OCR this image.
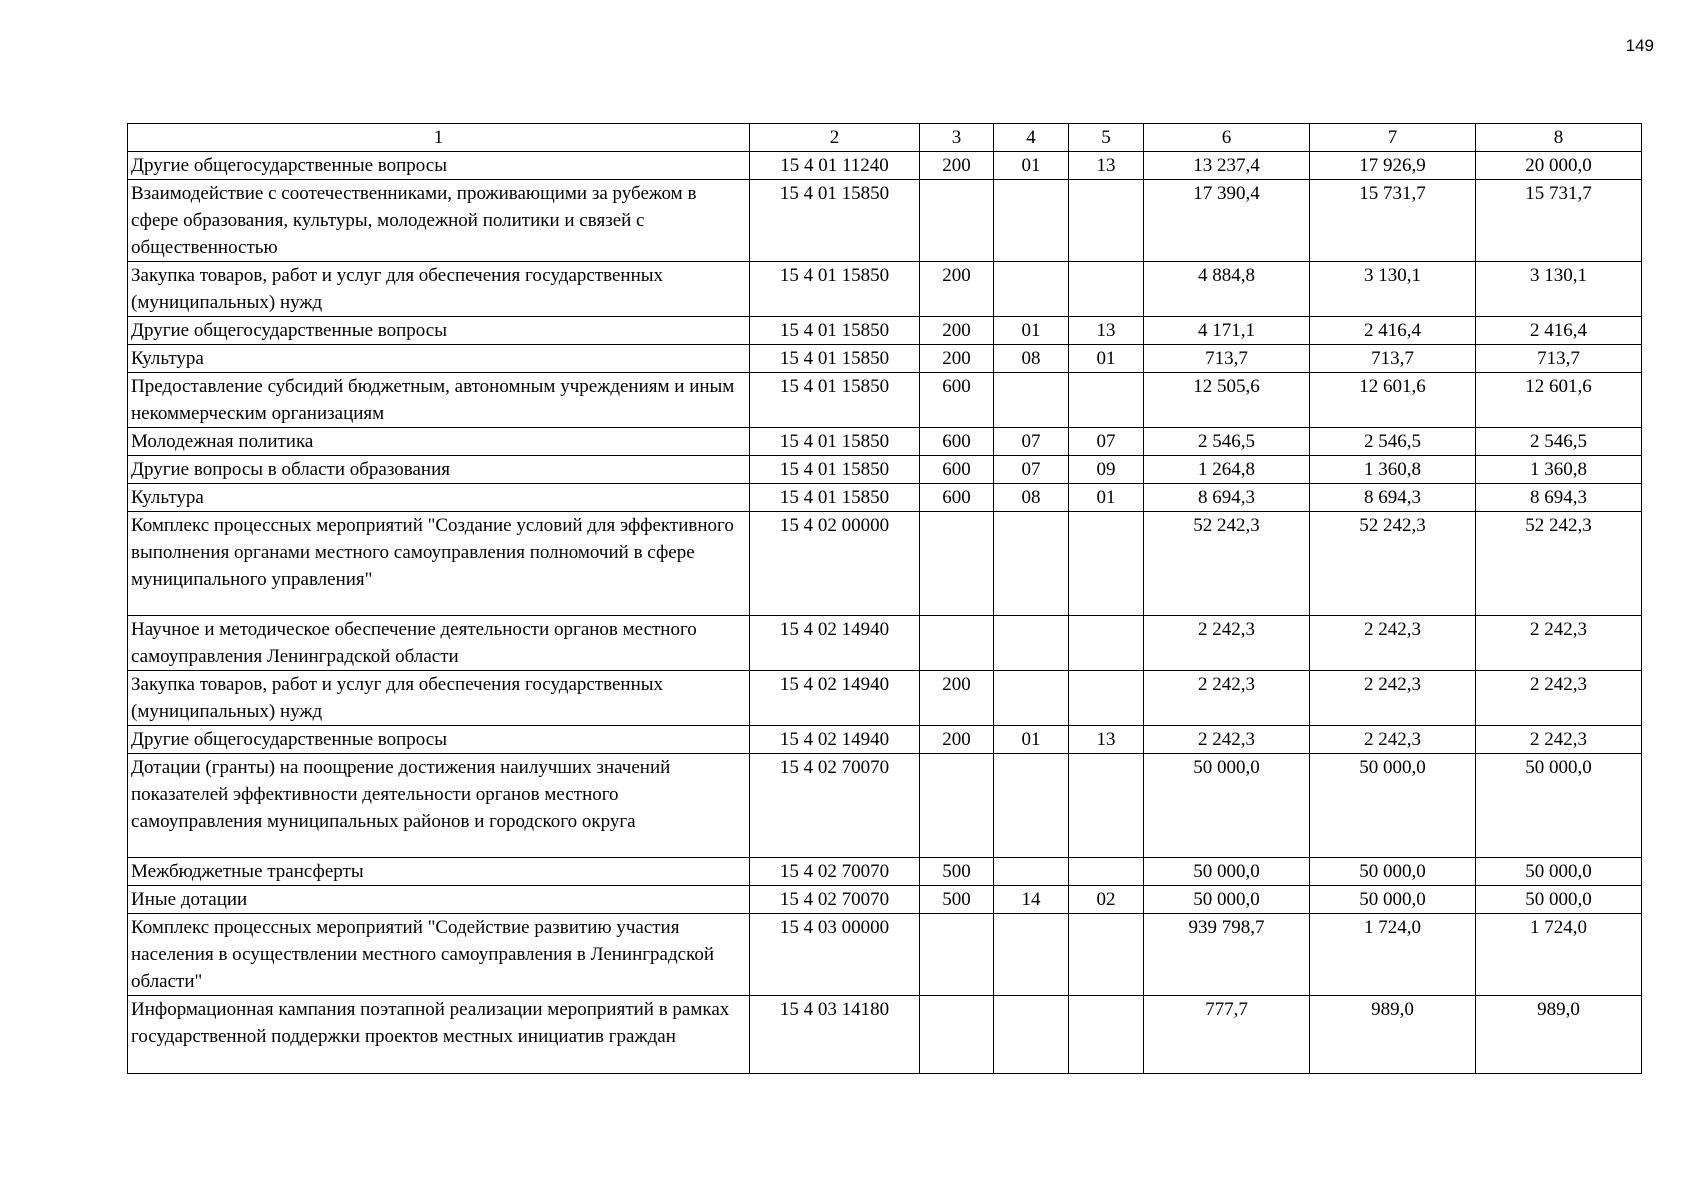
149
1	2	3	4	5	6	7	8
Другие общегосударственные вопросы	15 4 01 11240	200	01	13	13 237,4	17 926,9	20 000,0
Взаимодействие с соотечественниками, проживающими за рубежом в сфере образования, культуры, молодежной политики и связей с общественностью	15 4 01 15850				17 390,4	15 731,7	15 731,7
Закупка товаров, работ и услуг для обеспечения государственных (муниципальных) нужд	15 4 01 15850	200			4 884,8	3 130,1	3 130,1
Другие общегосударственные вопросы	15 4 01 15850	200	01	13	4 171,1	2 416,4	2 416,4
Культура	15 4 01 15850	200	08	01	713,7	713,7	713,7
Предоставление субсидий бюджетным, автономным учреждениям и иным некоммерческим организациям	15 4 01 15850	600			12 505,6	12 601,6	12 601,6
Молодежная политика	15 4 01 15850	600	07	07	2 546,5	2 546,5	2 546,5
Другие вопросы в области образования	15 4 01 15850	600	07	09	1 264,8	1 360,8	1 360,8
Культура	15 4 01 15850	600	08	01	8 694,3	8 694,3	8 694,3
Комплекс процессных мероприятий "Создание условий для эффективного выполнения органами местного самоуправления полномочий в сфере муниципального управления"	15 4 02 00000				52 242,3	52 242,3	52 242,3
Научное и методическое обеспечение деятельности органов местного самоуправления Ленинградской области	15 4 02 14940				2 242,3	2 242,3	2 242,3
Закупка товаров, работ и услуг для обеспечения государственных (муниципальных) нужд	15 4 02 14940	200			2 242,3	2 242,3	2 242,3
Другие общегосударственные вопросы	15 4 02 14940	200	01	13	2 242,3	2 242,3	2 242,3
Дотации (гранты) на поощрение достижения наилучших значений показателей эффективности деятельности органов местного самоуправления муниципальных районов и городского округа	15 4 02 70070				50 000,0	50 000,0	50 000,0
Межбюджетные трансферты	15 4 02 70070	500			50 000,0	50 000,0	50 000,0
Иные дотации	15 4 02 70070	500	14	02	50 000,0	50 000,0	50 000,0
Комплекс процессных мероприятий "Содействие развитию участия населения в осуществлении местного самоуправления в Ленинградской области"	15 4 03 00000				939 798,7	1 724,0	1 724,0
Информационная кампания поэтапной реализации мероприятий в рамках государственной поддержки проектов местных инициатив граждан	15 4 03 14180				777,7	989,0	989,0
